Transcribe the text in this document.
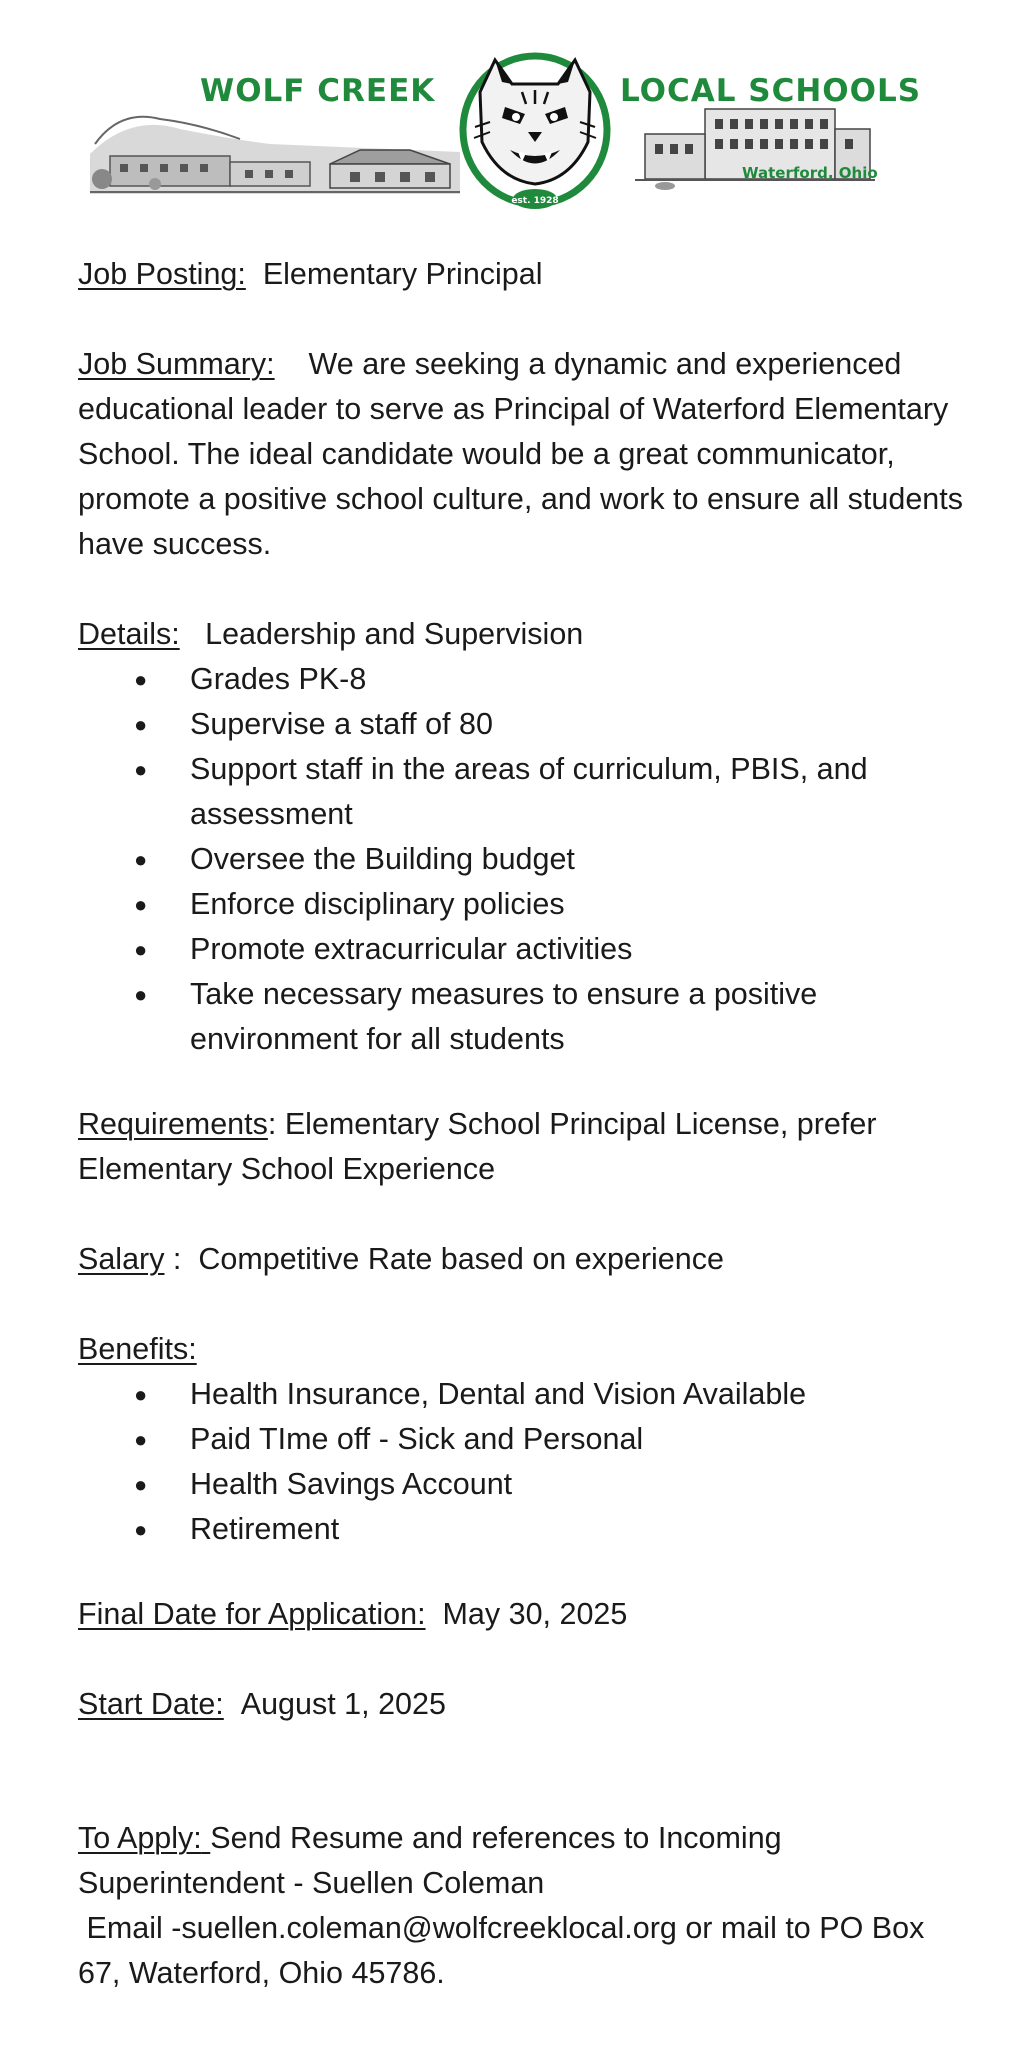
WOLF CREEK
est. 1928
LOCAL SCHOOLS
Waterford, Ohio
Job Posting: Elementary Principal
Job Summary: We are seeking a dynamic and experienced educational leader to serve as Principal of Waterford Elementary School. The ideal candidate would be a great communicator, promote a positive school culture, and work to ensure all students have success.
Details: Leadership and Supervision
● Grades PK-8
● Supervise a staff of 80
● Support staff in the areas of curriculum, PBIS, and assessment
● Oversee the Building budget
● Enforce disciplinary policies
● Promote extracurricular activities
● Take necessary measures to ensure a positive environment for all students
Requirements: Elementary School Principal License, prefer Elementary School Experience
Salary :  Competitive Rate based on experience
Benefits:
● Health Insurance, Dental and Vision Available
● Paid TIme off - Sick and Personal
● Health Savings Account
● Retirement
Final Date for Application: May 30, 2025
Start Date: August 1, 2025
To Apply: Send Resume and references to Incoming Superintendent - Suellen Coleman
Email -suellen.coleman@wolfcreeklocal.org or mail to PO Box 67, Waterford, Ohio 45786.
